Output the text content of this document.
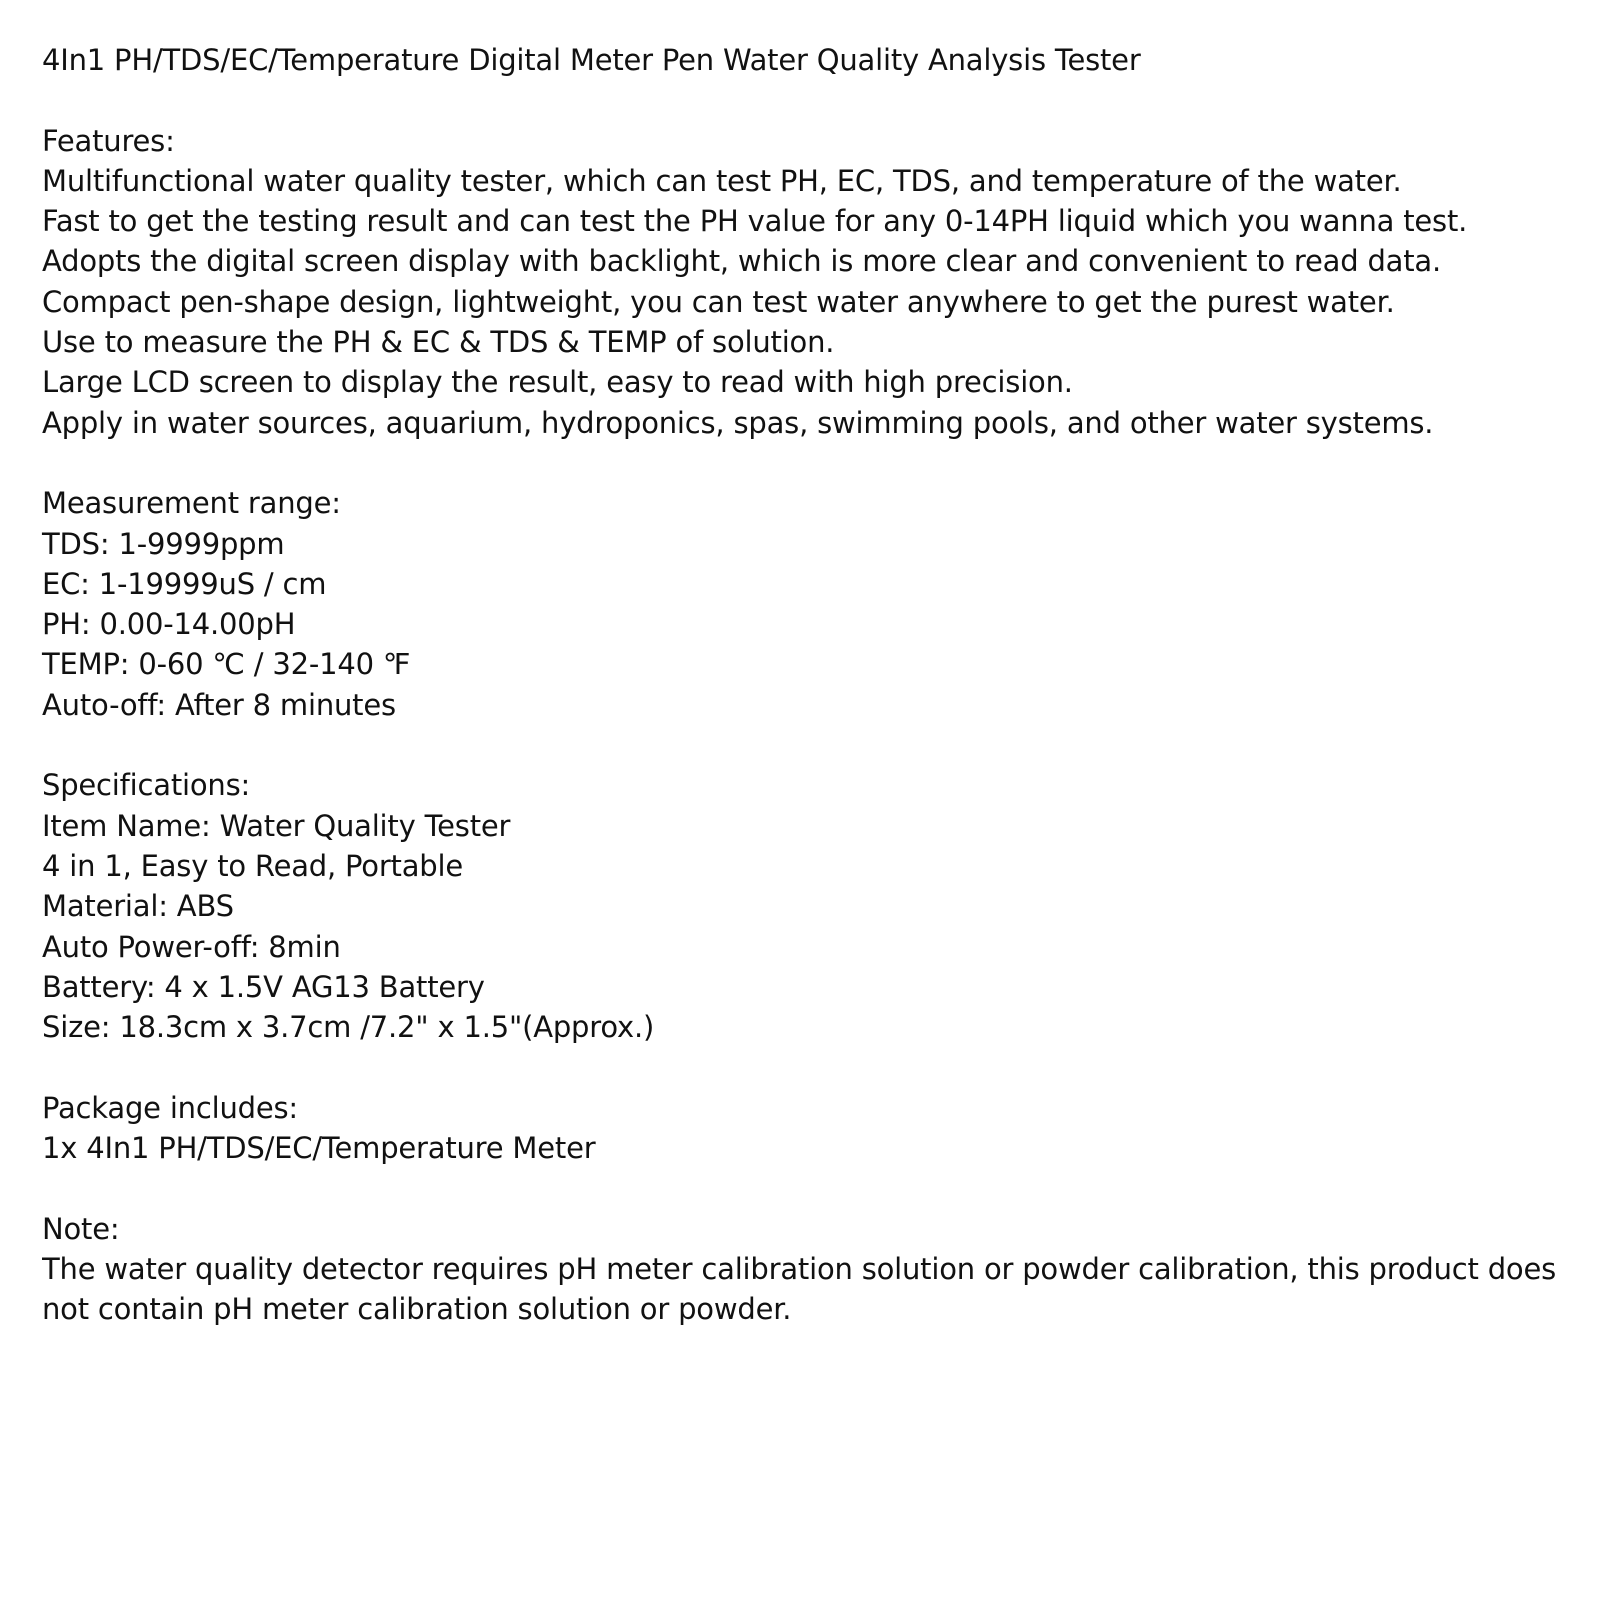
4In1 PH/TDS/EC/Temperature Digital Meter Pen Water Quality Analysis Tester
Features:
Multifunctional water quality tester, which can test PH, EC, TDS, and temperature of the water.
Fast to get the testing result and can test the PH value for any 0-14PH liquid which you wanna test.
Adopts the digital screen display with backlight, which is more clear and convenient to read data.
Compact pen-shape design, lightweight, you can test water anywhere to get the purest water.
Use to measure the PH & EC & TDS & TEMP of solution.
Large LCD screen to display the result, easy to read with high precision.
Apply in water sources, aquarium, hydroponics, spas, swimming pools, and other water systems.
Measurement range:
TDS: 1-9999ppm
EC: 1-19999uS / cm
PH: 0.00-14.00pH
TEMP: 0-60 ℃ / 32-140 ℉
Auto-off: After 8 minutes
Specifications:
Item Name: Water Quality Tester
4 in 1, Easy to Read, Portable
Material: ABS
Auto Power-off: 8min
Battery: 4 x 1.5V AG13 Battery
Size: 18.3cm x 3.7cm /7.2" x 1.5"(Approx.)
Package includes:
1x 4In1 PH/TDS/EC/Temperature Meter
Note:
The water quality detector requires pH meter calibration solution or powder calibration, this product does not contain pH meter calibration solution or powder.
